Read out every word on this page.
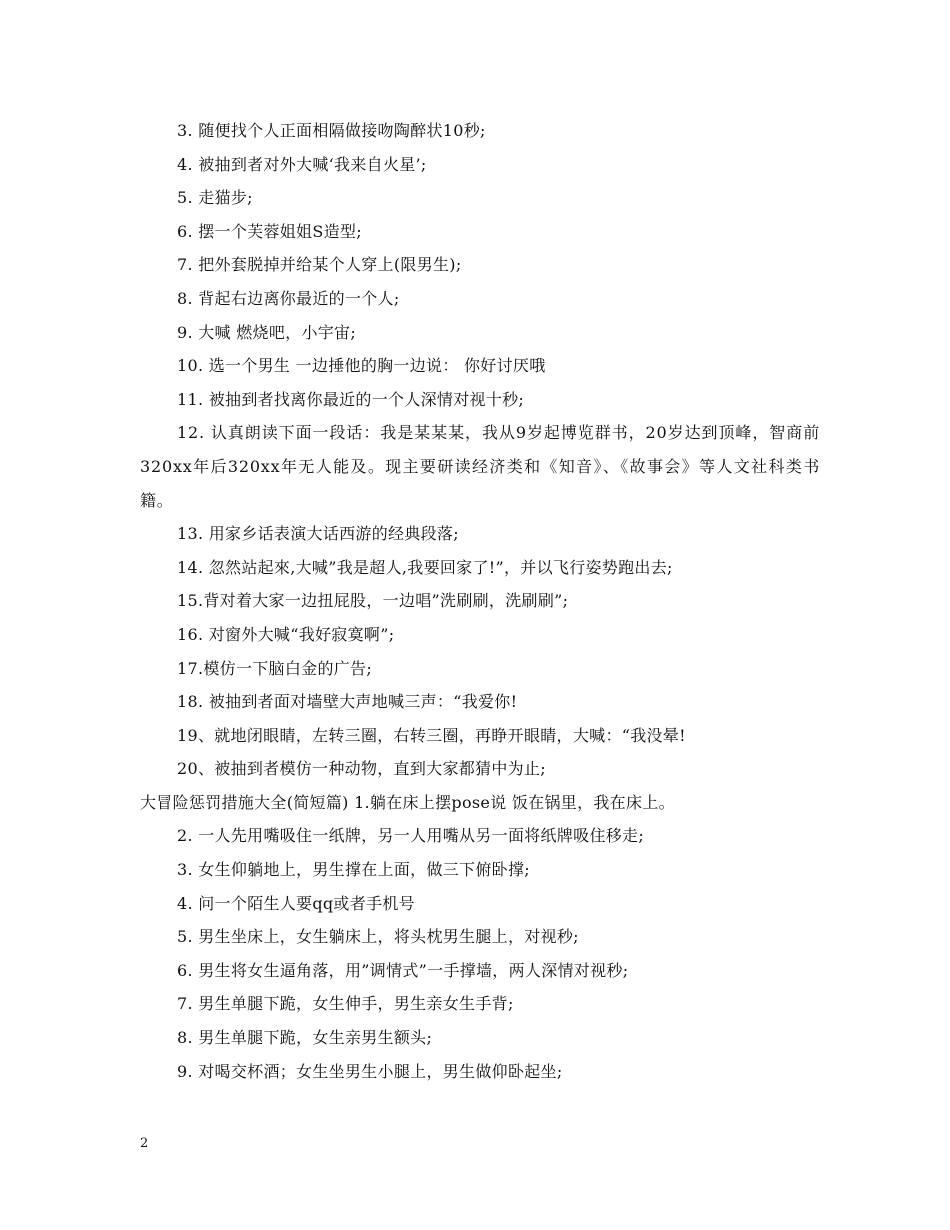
3. 随便找个人正面相隔做接吻陶醉状10秒;
4. 被抽到者对外大喊‘我来自火星’;
5. 走猫步;
6. 摆一个芙蓉姐姐S造型;
7. 把外套脱掉并给某个人穿上(限男生);
8. 背起右边离你最近的一个人;
9. 大喊 燃烧吧，小宇宙;
10. 选一个男生 一边捶他的胸一边说： 你好讨厌哦
11. 被抽到者找离你最近的一个人深情对视十秒;
12. 认真朗读下面一段话：我是某某某，我从9岁起博览群书，20岁达到顶峰，智商前320xx年后320xx年无人能及。现主要研读经济类和《知音》、《故事会》等人文社科类书籍。
13. 用家乡话表演大话西游的经典段落;
14. 忽然站起來,大喊”我是超人,我要回家了!”，并以飞行姿势跑出去;
15.背对着大家一边扭屁股，一边唱”洗刷刷，洗刷刷”;
16. 对窗外大喊“我好寂寞啊”;
17.模仿一下脑白金的广告;
18. 被抽到者面对墙壁大声地喊三声：“我爱你!
19、就地闭眼睛，左转三圈，右转三圈，再睁开眼睛，大喊：“我没晕!
20、被抽到者模仿一种动物，直到大家都猜中为止;
大冒险惩罚措施大全(简短篇) 1.躺在床上摆pose说 饭在锅里，我在床上。
2. 一人先用嘴吸住一纸牌，另一人用嘴从另一面将纸牌吸住移走;
3. 女生仰躺地上，男生撑在上面，做三下俯卧撑;
4. 问一个陌生人要qq或者手机号
5. 男生坐床上，女生躺床上，将头枕男生腿上，对视秒;
6. 男生将女生逼角落，用”调情式”一手撑墙，两人深情对视秒;
7. 男生单腿下跪，女生伸手，男生亲女生手背;
8. 男生单腿下跪，女生亲男生额头;
9. 对喝交杯酒；女生坐男生小腿上，男生做仰卧起坐;
2
